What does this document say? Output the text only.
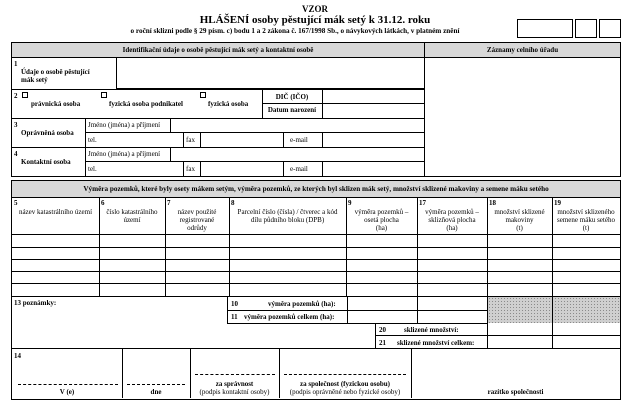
VZOR
HLÁŠENÍ osoby pěstující mák setý k 31.12. roku
o roční sklizni podle § 29 písm. c) bodu 1 a 2 zákona č. 167/1998 Sb., o návykových látkách, v platném znění
Identifikační údaje o osobě pěstující mák setý a kontaktní osobě	Záznamy celního úřadu
1
Údaje o osobě pěstující
mák setý
2
právnická osoba	fyzická osoba podnikatel	fyzická osoba
DIČ (IČO)
Datum narození
3
Oprávněná osoba
Jméno (jména) a příjmení
tel.	fax	e-mail
4
Kontaktní osoba
Jméno (jména) a příjmení
tel.	fax	e-mail
Výměra pozemků, které byly osety mákem setým, výměra pozemků, ze kterých byl sklizen mák setý, množství sklizené makoviny a semene máku setého
5
název katastrálního území
6
číslo katastrálního
území
7
název použité
registrované
odrůdy
8
Parcelní číslo (čísla) / čtverec a kód
dílu půdního bloku (DPB)
9
výměra pozemků –
osetá plocha
(ha)
17
výměra pozemků –
sklizňová plocha
(ha)
18
množství sklizené
makoviny
(t)
19
množství sklizeného
semene máku setého
(t)
13 poznámky:	10	výměra pozemků (ha):
11 výměra pozemků celkem (ha):
20	sklizené množství:
21 sklizené množství celkem:
14
V (e)	dne
za správnost
(podpis kontaktní osoby)
za společnost (fyzickou osobu)
(podpis oprávněné nebo fyzické osoby)	razítko společnosti
